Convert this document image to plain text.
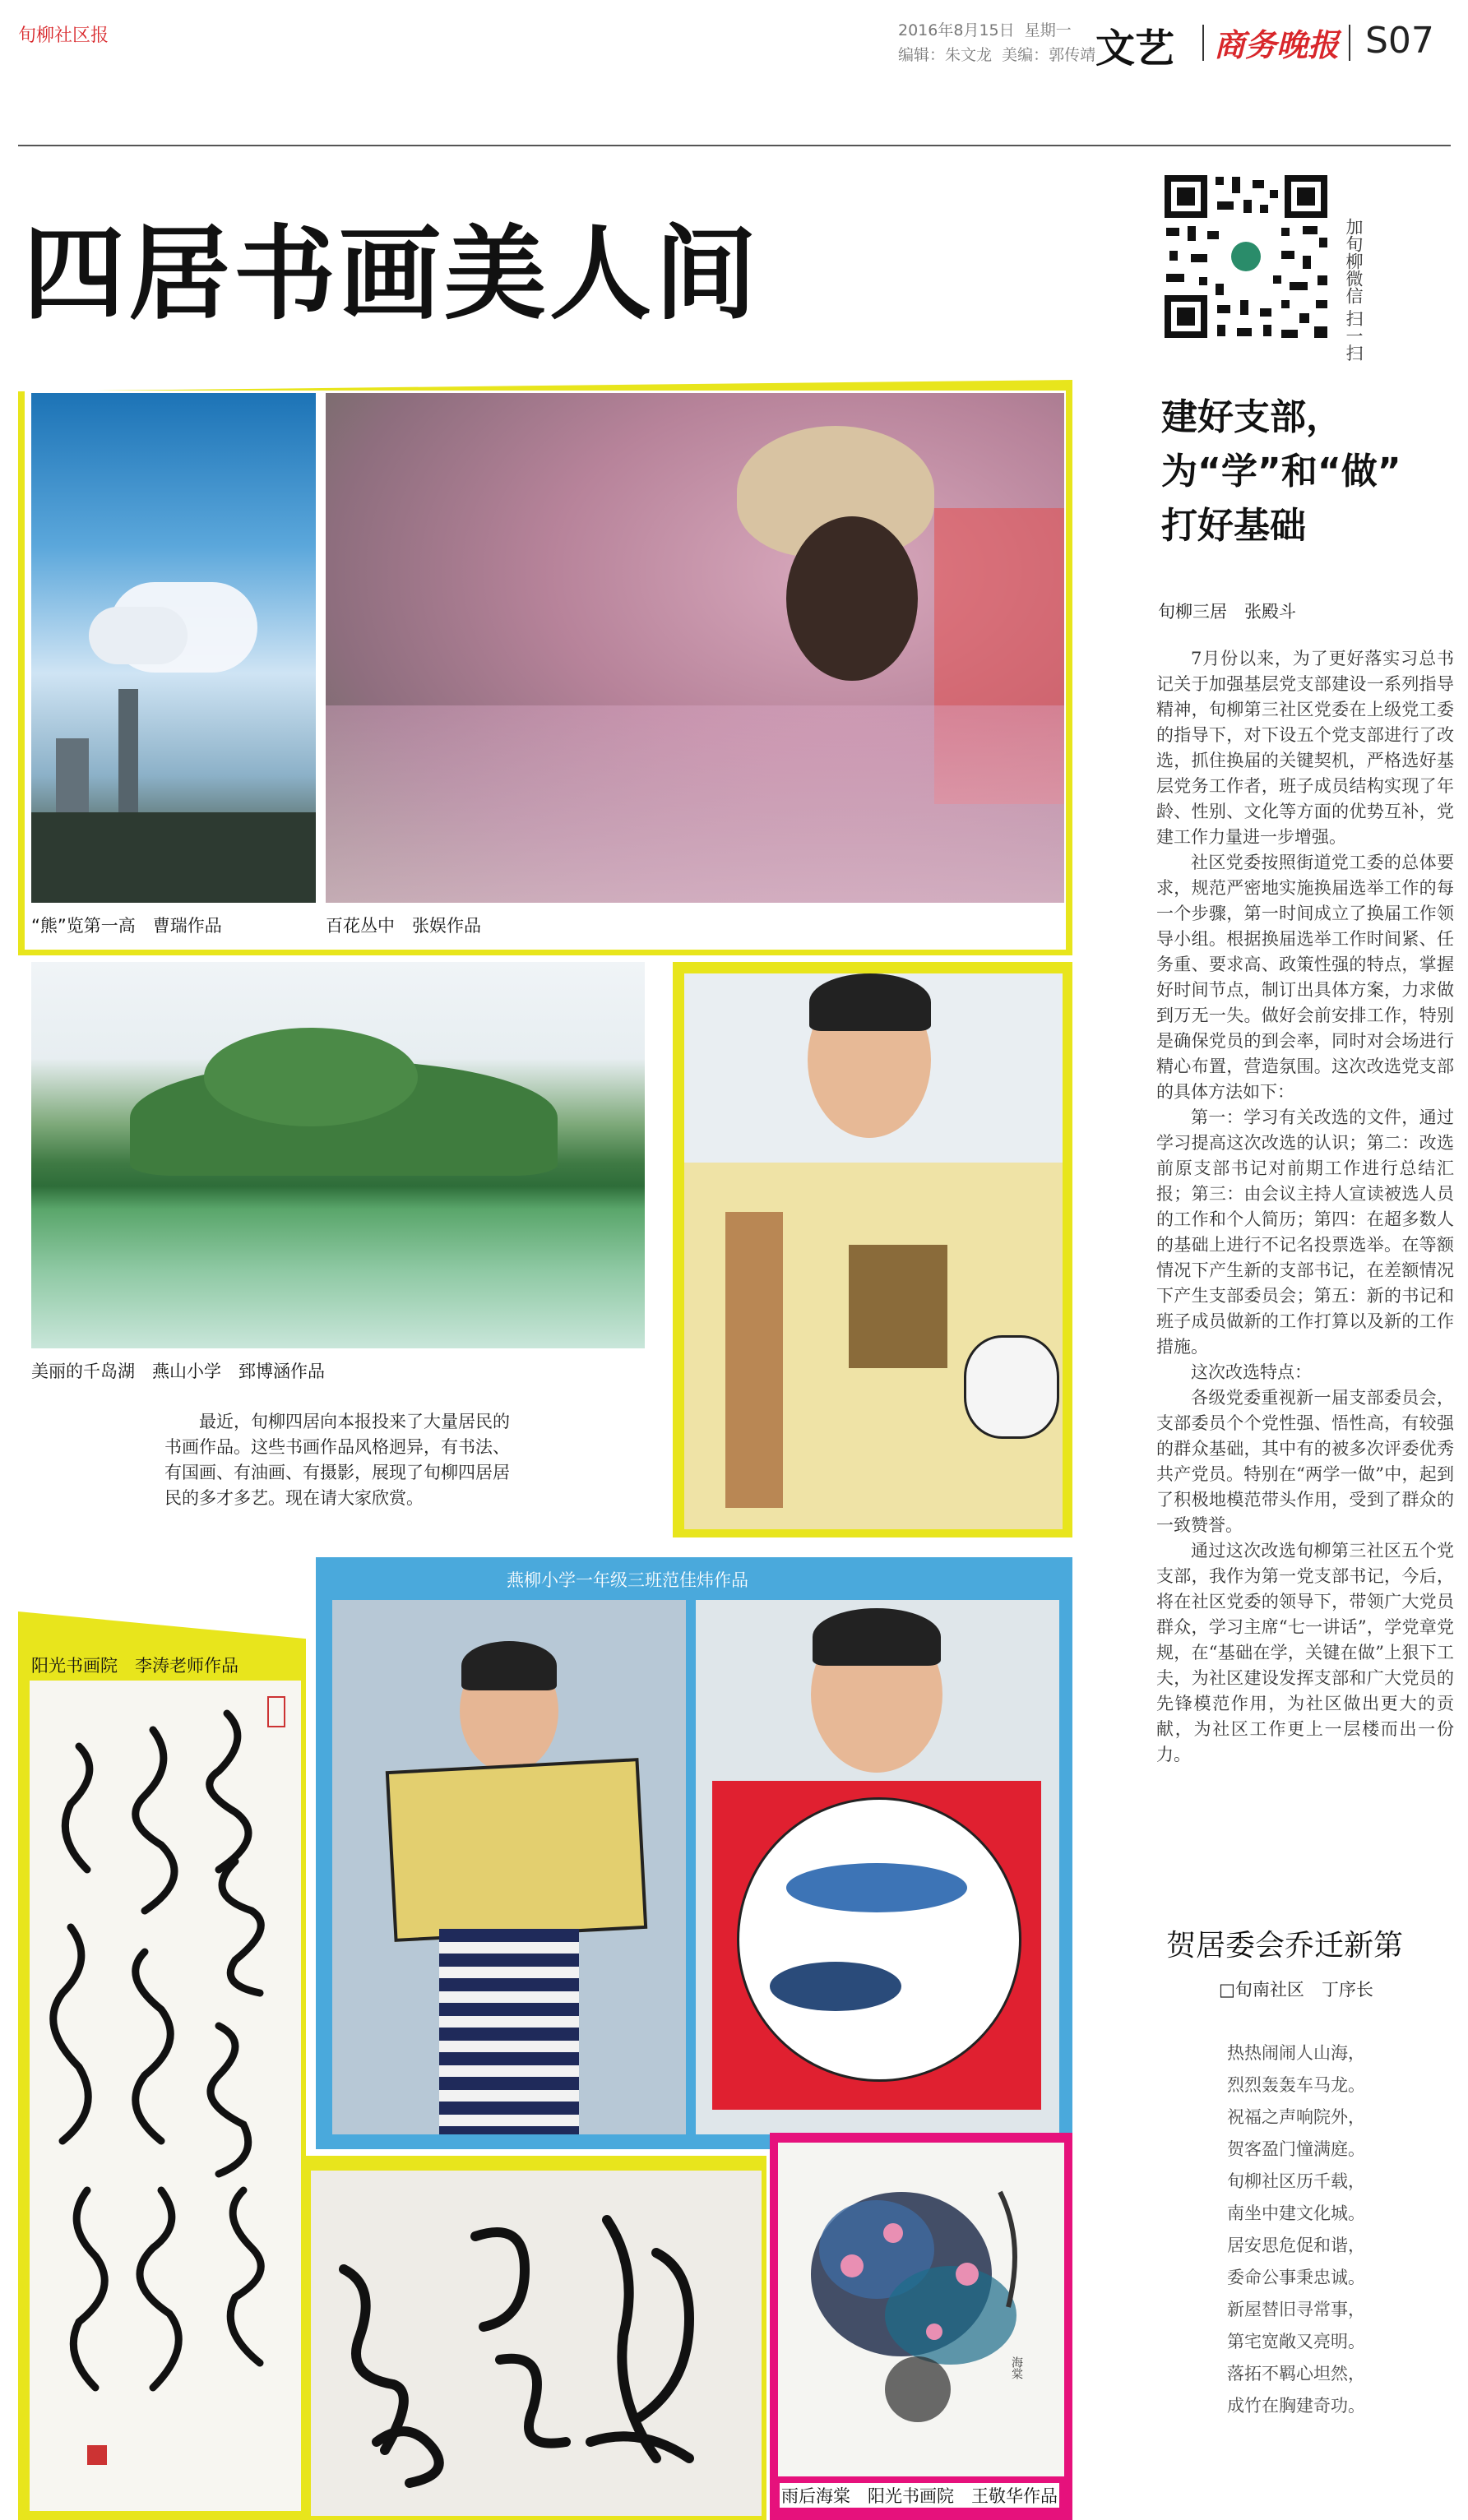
旬柳社区报	2016年8月15日 星期一
编辑：朱文龙 美编：郭传靖 文艺 商务晚报 S07
四居书画美人间	加旬柳微信 扫一扫
“熊”览第一高　曹瑞作品	百花丛中　张娱作品
美丽的千岛湖　燕山小学　郅博涵作品

最近，旬柳四居向本报投来了大量居民的书画作品。这些书画作品风格迥异，有书法、有国画、有油画、有摄影，展现了旬柳四居居民的多才多艺。现在请大家欣赏。

燕柳小学一年级三班范佳炜作品
阳光书画院　李涛老师作品
海棠
雨后海棠　阳光书画院　王敬华作品
建好支部，
为“学”和“做”
打好基础
旬柳三居　张殿斗

7月份以来，为了更好落实习总书记关于加强基层党支部建设一系列指导精神，旬柳第三社区党委在上级党工委的指导下，对下设五个党支部进行了改选，抓住换届的关键契机，严格选好基层党务工作者，班子成员结构实现了年龄、性别、文化等方面的优势互补，党建工作力量进一步增强。

社区党委按照街道党工委的总体要求，规范严密地实施换届选举工作的每一个步骤，第一时间成立了换届工作领导小组。根据换届选举工作时间紧、任务重、要求高、政策性强的特点，掌握好时间节点，制订出具体方案，力求做到万无一失。做好会前安排工作，特别是确保党员的到会率，同时对会场进行精心布置，营造氛围。这次改选党支部的具体方法如下：

第一：学习有关改选的文件，通过学习提高这次改选的认识；第二：改选前原支部书记对前期工作进行总结汇报；第三：由会议主持人宣读被选人员的工作和个人简历；第四：在超多数人的基础上进行不记名投票选举。在等额情况下产生新的支部书记，在差额情况下产生支部委员会；第五：新的书记和班子成员做新的工作打算以及新的工作措施。

这次改选特点：

各级党委重视新一届支部委员会，支部委员个个党性强、悟性高，有较强的群众基础，其中有的被多次评委优秀共产党员。特别在“两学一做”中，起到了积极地模范带头作用，受到了群众的一致赞誉。

通过这次改选旬柳第三社区五个党支部，我作为第一党支部书记，今后，将在社区党委的领导下，带领广大党员群众，学习主席“七一讲话”，学党章党规，在“基础在学，关键在做”上狠下工夫，为社区建设发挥支部和广大党员的先锋模范作用，为社区做出更大的贡献，为社区工作更上一层楼而出一份力。

贺居委会乔迁新第
□旬南社区　丁序长
热热闹闹人山海，
烈烈轰轰车马龙。
祝福之声响院外，
贺客盈门憧满庭。
旬柳社区历千载，
南坐中建文化城。
居安思危促和谐，
委命公事秉忠诚。
新屋替旧寻常事，
第宅宽敞又亮明。
落拓不羁心坦然，
成竹在胸建奇功。
